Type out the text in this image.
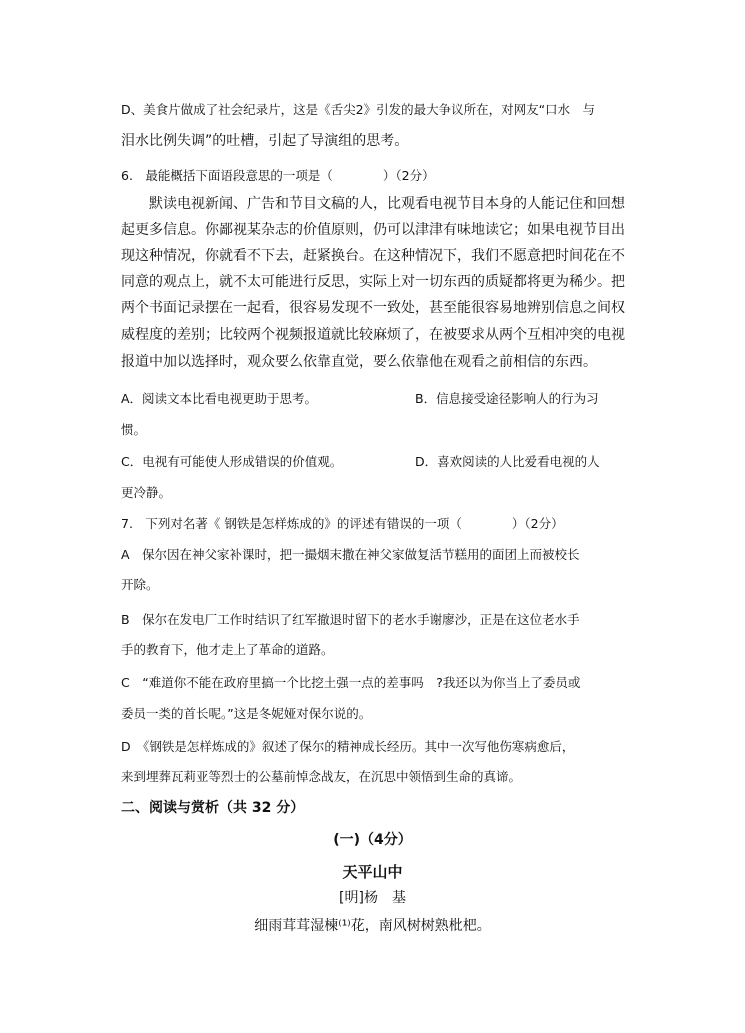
D、美食片做成了社会纪录片，这是《舌尖2》引发的最大争议所在，对网友“口水　与
泪水比例失调”的吐槽，引起了导演组的思考。
6.　最能概括下面语段意思的一项是（　　　　）（2分）
默读电视新闻、广告和节目文稿的人，比观看电视节目本身的人能记住和回想
起更多信息。你鄙视某杂志的价值原则，仍可以津津有味地读它；如果电视节目出
现这种情况，你就看不下去，赶紧换台。在这种情况下，我们不愿意把时间花在不
同意的观点上，就不太可能进行反思，实际上对一切东西的质疑都将更为稀少。把
两个书面记录摆在一起看，很容易发现不一致处，甚至能很容易地辨别信息之间权
威程度的差别；比较两个视频报道就比较麻烦了，在被要求从两个互相冲突的电视
报道中加以选择时，观众要么依靠直觉，要么依靠他在观看之前相信的东西。
A．阅读文本比看电视更助于思考。	B．信息接受途径影响人的行为习
惯。
C．电视有可能使人形成错误的价值观。	D．喜欢阅读的人比爱看电视的人
更冷静。
7.　下列对名著《 钢铁是怎样炼成的》的评述有错误的一项（　　　　）（2分）
A　保尔因在神父家补课时，把一撮烟末撒在神父家做复活节糕用的面团上而被校长
开除。
B　保尔在发电厂工作时结识了红军撤退时留下的老水手谢廖沙，正是在这位老水手
手的教育下，他才走上了革命的道路。
C　“难道你不能在政府里搞一个比挖土强一点的差事吗　?我还以为你当上了委员或
委员一类的首长呢。”这是冬妮娅对保尔说的。
D　《钢铁是怎样炼成的》叙述了保尔的精神成长经历。其中一次写他伤寒病愈后，
来到埋葬瓦莉亚等烈士的公墓前悼念战友，在沉思中领悟到生命的真谛。
二、阅读与赏析（共 32 分）
(一)（4分）
天平山中
[明]杨　基
细雨茸茸湿楝⁽¹⁾花，南风树树熟枇杷。
